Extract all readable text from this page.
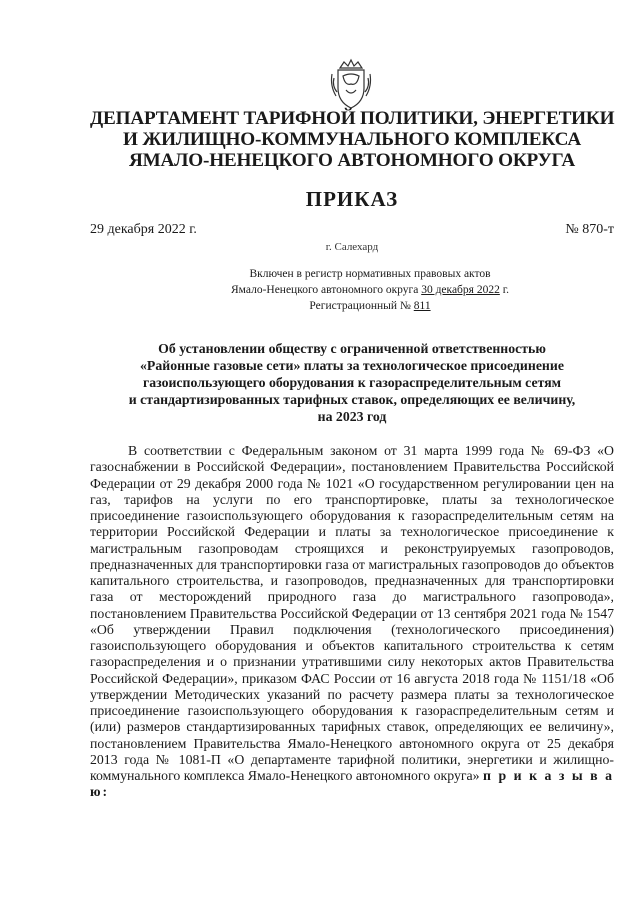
ДЕПАРТАМЕНТ ТАРИФНОЙ ПОЛИТИКИ, ЭНЕРГЕТИКИ
И ЖИЛИЩНО-КОММУНАЛЬНОГО КОМПЛЕКСА
ЯМАЛО-НЕНЕЦКОГО АВТОНОМНОГО ОКРУГА
ПРИКАЗ
29 декабря 2022 г.	№ 870-т
г. Салехард
Включен в регистр нормативных правовых актов
Ямало-Ненецкого автономного округа 30 декабря 2022 г.
Регистрационный № 811
Об установлении обществу с ограниченной ответственностью
«Районные газовые сети» платы за технологическое присоединение
газоиспользующего оборудования к газораспределительным сетям
и стандартизированных тарифных ставок, определяющих ее величину,
на 2023 год

В соответствии с Федеральным законом от 31 марта 1999 года № 69-ФЗ «О газоснабжении в Российской Федерации», постановлением Правительства Российской Федерации от 29 декабря 2000 года № 1021 «О государственном регулировании цен на газ, тарифов на услуги по его транспортировке, платы за технологическое присоединение газоиспользующего оборудования к газораспределительным сетям на территории Российской Федерации и платы за технологическое присоединение к магистральным газопроводам строящихся и реконструируемых газопроводов, предназначенных для транспортировки газа от магистральных газопроводов до объектов капитального строительства, и газопроводов, предназначенных для транспортировки газа от месторождений природного газа до магистрального газопровода», постановлением Правительства Российской Федерации от 13 сентября 2021 года № 1547 «Об утверждении Правил подключения (технологического присоединения) газоиспользующего оборудования и объектов капитального строительства к сетям газораспределения и о признании утратившими силу некоторых актов Правительства Российской Федерации», приказом ФАС России от 16 августа 2018 года № 1151/18 «Об утверждении Методических указаний по расчету размера платы за технологическое присоединение газоиспользующего оборудования к газораспределительным сетям и (или) размеров стандартизированных тарифных ставок, определяющих ее величину», постановлением Правительства Ямало-Ненецкого автономного округа от 25 декабря 2013 года № 1081-П «О департаменте тарифной политики, энергетики и жилищно-коммунального комплекса Ямало-Ненецкого автономного округа» п р и к а з ы в а ю:
